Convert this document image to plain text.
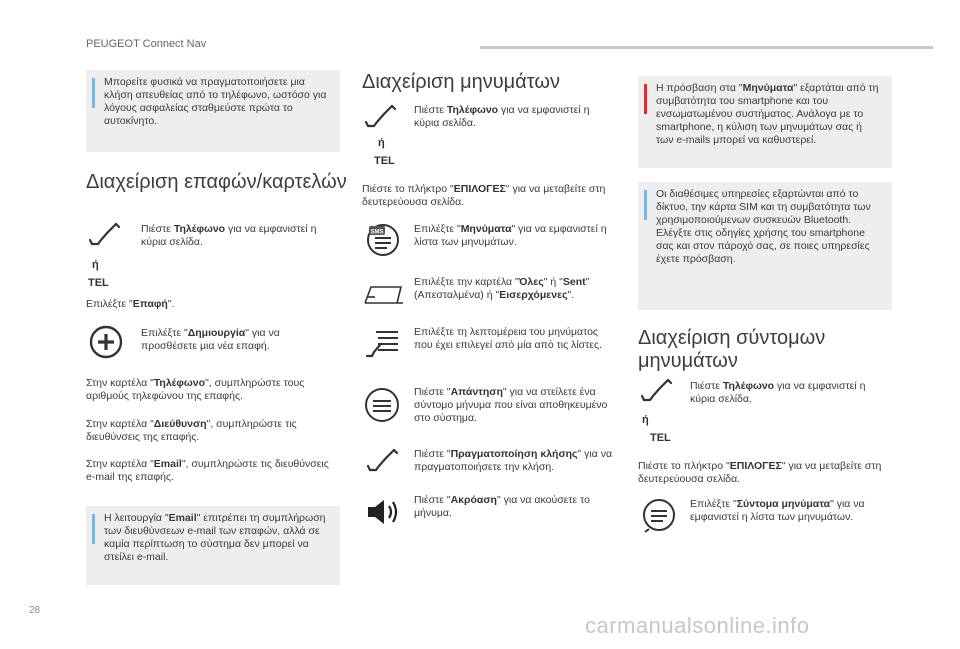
PEUGEOT Connect Nav
Μπορείτε φυσικά να πραγματοποιήσετε μια κλήση απευθείας από το τηλέφωνο, ωστόσο για λόγους ασφαλείας σταθμεύστε πρώτα το αυτοκίνητο.
Διαχείριση επαφών/καρτελών
Πιέστε Τηλέφωνο για να εμφανιστεί η κύρια σελίδα.
ή
TEL
Επιλέξτε "Επαφή".
Επιλέξτε "Δημιουργία" για να προσθέσετε μια νέα επαφή.
Στην καρτέλα "Τηλέφωνο", συμπληρώστε τους αριθμούς τηλεφώνου της επαφής.
Στην καρτέλα "Διεύθυνση", συμπληρώστε τις διευθύνσεις της επαφής.
Στην καρτέλα "Email", συμπληρώστε τις διευθύνσεις e-mail της επαφής.
Η λειτουργία "Email" επιτρέπει τη συμπλήρωση των διευθύνσεων e-mail των επαφών, αλλά σε καμία περίπτωση το σύστημα δεν μπορεί να στείλει e-mail.
Διαχείριση μηνυμάτων
Πιέστε Τηλέφωνο για να εμφανιστεί η κύρια σελίδα.
ή
TEL
Πιέστε το πλήκτρο "ΕΠΙΛΟΓΕΣ" για να μεταβείτε στη δευτερεύουσα σελίδα.
SMS	Επιλέξτε "Μηνύματα" για να εμφανιστεί η λίστα των μηνυμάτων.
Επιλέξτε την καρτέλα "Όλες" ή "Sent" (Απεσταλμένα) ή "Εισερχόμενες".
Επιλέξτε τη λεπτομέρεια του μηνύματος που έχει επιλεγεί από μία από τις λίστες.
Πιέστε "Απάντηση" για να στείλετε ένα σύντομο μήνυμα που είναι αποθηκευμένο στο σύστημα.
Πιέστε "Πραγματοποίηση κλήσης" για να πραγματοποιήσετε την κλήση.
Πιέστε "Ακρόαση" για να ακούσετε το μήνυμα.
Η πρόσβαση στα "Μηνύματα" εξαρτάται από τη συμβατότητα του smartphone και του ενσωματωμένου συστήματος. Ανάλογα με το smartphone, η κύλιση των μηνυμάτων σας ή των e-mails μπορεί να καθυστερεί.
Οι διαθέσιμες υπηρεσίες εξαρτώνται από το δίκτυο, την κάρτα SIM και τη συμβατότητα των χρησιμοποιούμενων συσκευών Bluetooth. Ελέγξτε στις οδηγίες χρήσης του smartphone σας και στον πάροχό σας, σε ποιες υπηρεσίες έχετε πρόσβαση.
Διαχείριση σύντομων μηνυμάτων
Πιέστε Τηλέφωνο για να εμφανιστεί η κύρια σελίδα.
ή
TEL
Πιέστε το πλήκτρο "ΕΠΙΛΟΓΕΣ" για να μεταβείτε στη δευτερεύουσα σελίδα.
Επιλέξτε "Σύντομα μηνύματα" για να εμφανιστεί η λίστα των μηνυμάτων.
28
carmanualsonline.info
